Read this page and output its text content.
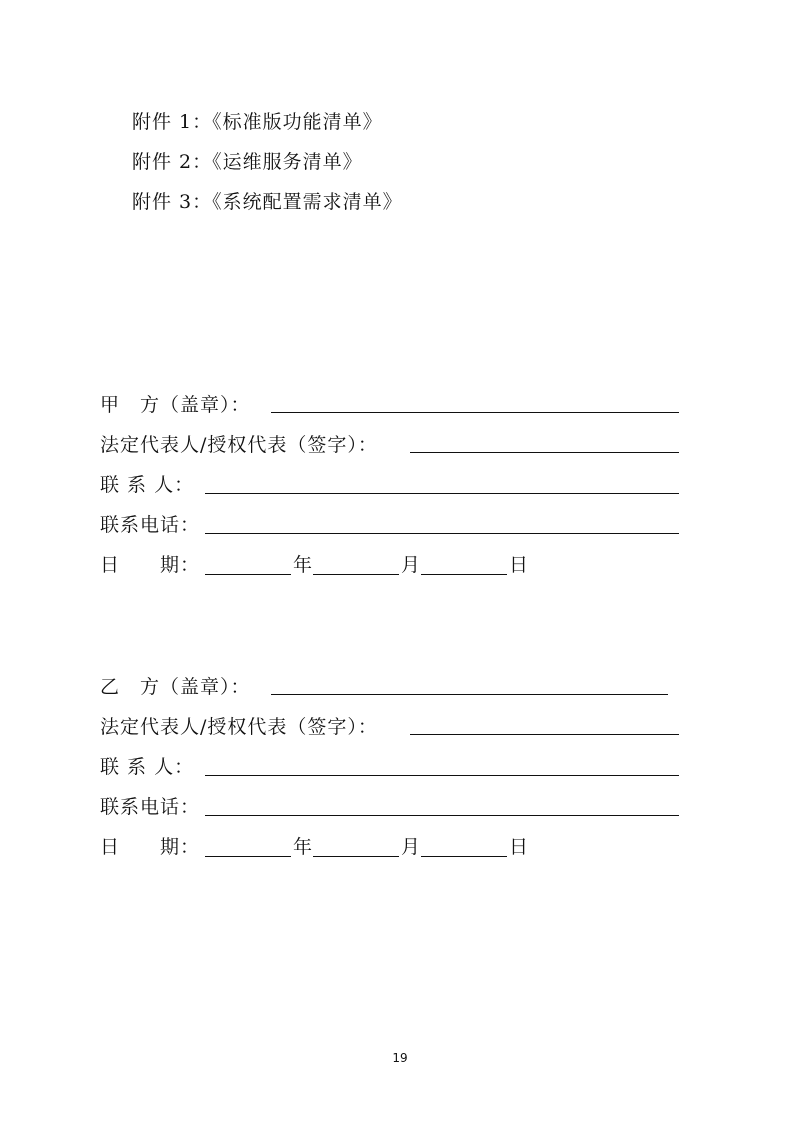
附件 1：《标准版功能清单》
附件 2：《运维服务清单》
附件 3：《系统配置需求清单》
甲　方（盖章）：
法定代表人/授权代表（签字）：
联 系 人：
联系电话：
日　　期：	年	月	日
乙　方（盖章）：
法定代表人/授权代表（签字）：
联 系 人：
联系电话：
日　　期：	年	月	日
19
